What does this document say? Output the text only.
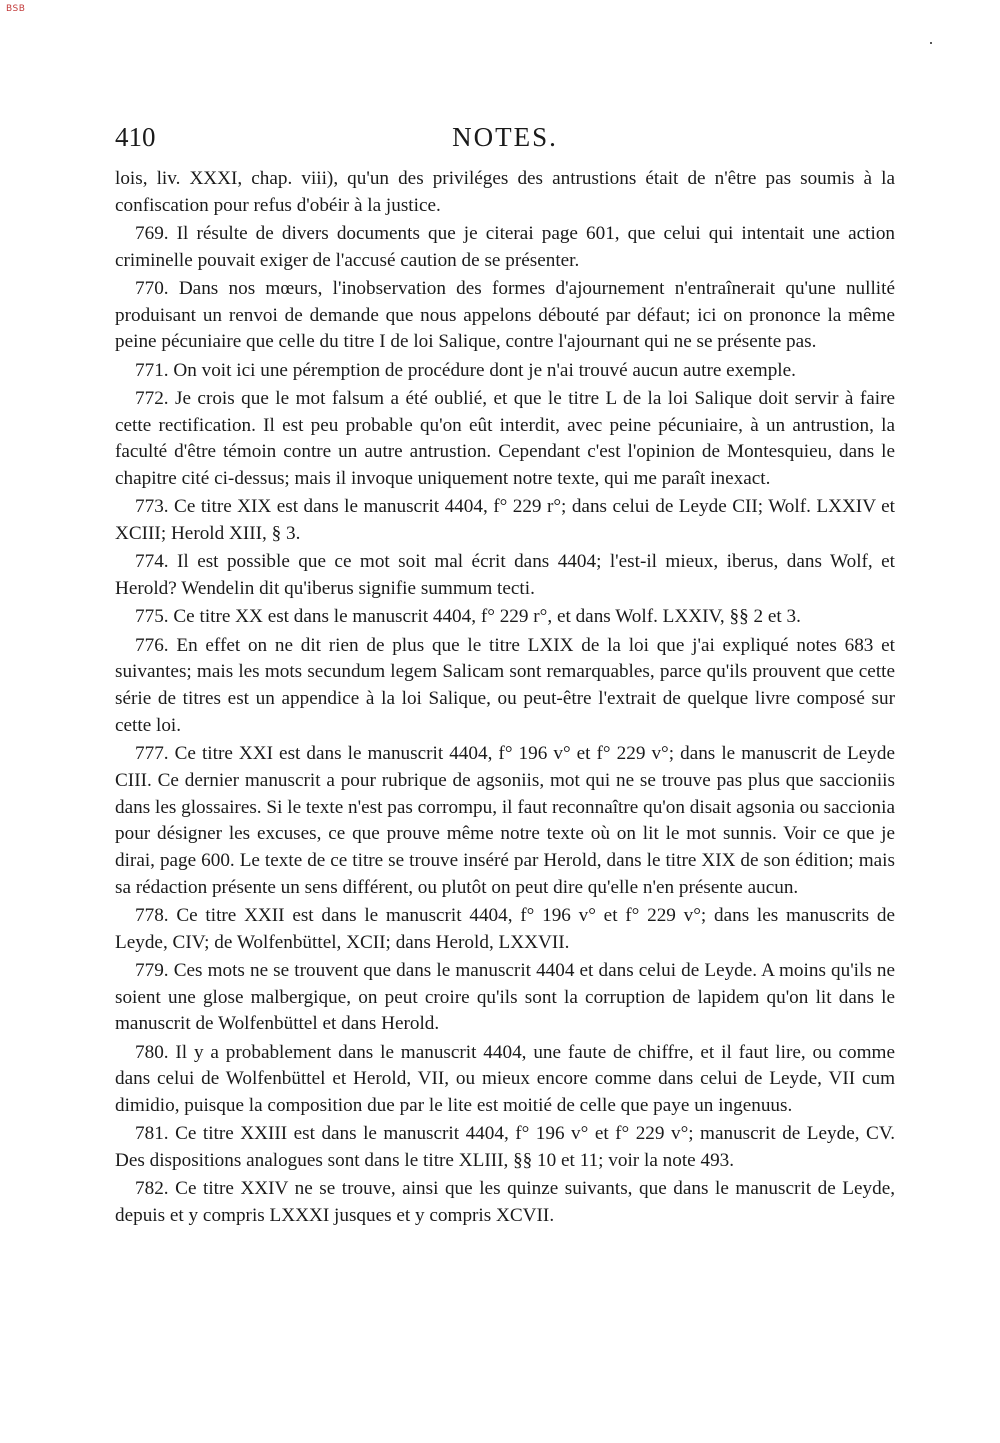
BSB
410	NOTES.

lois, liv. XXXI, chap. viii), qu'un des priviléges des antrustions était de n'être pas soumis à la confiscation pour refus d'obéir à la justice.

769. Il résulte de divers documents que je citerai page 601, que celui qui intentait une action criminelle pouvait exiger de l'accusé caution de se présenter.

770. Dans nos mœurs, l'inobservation des formes d'ajournement n'entraînerait qu'une nullité produisant un renvoi de demande que nous appelons débouté par défaut; ici on prononce la même peine pécuniaire que celle du titre I de loi Salique, contre l'ajournant qui ne se présente pas.

771. On voit ici une péremption de procédure dont je n'ai trouvé aucun autre exemple.

772. Je crois que le mot falsum a été oublié, et que le titre L de la loi Salique doit servir à faire cette rectification. Il est peu probable qu'on eût interdit, avec peine pécuniaire, à un antrustion, la faculté d'être témoin contre un autre antrustion. Cependant c'est l'opinion de Montesquieu, dans le chapitre cité ci-dessus; mais il invoque uniquement notre texte, qui me paraît inexact.

773. Ce titre XIX est dans le manuscrit 4404, f° 229 r°; dans celui de Leyde CII; Wolf. LXXIV et XCIII; Herold XIII, § 3.

774. Il est possible que ce mot soit mal écrit dans 4404; l'est-il mieux, iberus, dans Wolf, et Herold? Wendelin dit qu'iberus signifie summum tecti.

775. Ce titre XX est dans le manuscrit 4404, f° 229 r°, et dans Wolf. LXXIV, §§ 2 et 3.

776. En effet on ne dit rien de plus que le titre LXIX de la loi que j'ai expliqué notes 683 et suivantes; mais les mots secundum legem Salicam sont remarquables, parce qu'ils prouvent que cette série de titres est un appendice à la loi Salique, ou peut-être l'extrait de quelque livre composé sur cette loi.

777. Ce titre XXI est dans le manuscrit 4404, f° 196 v° et f° 229 v°; dans le manuscrit de Leyde CIII. Ce dernier manuscrit a pour rubrique de agsoniis, mot qui ne se trouve pas plus que saccioniis dans les glossaires. Si le texte n'est pas corrompu, il faut reconnaître qu'on disait agsonia ou saccionia pour désigner les excuses, ce que prouve même notre texte où on lit le mot sunnis. Voir ce que je dirai, page 600. Le texte de ce titre se trouve inséré par Herold, dans le titre XIX de son édition; mais sa rédaction présente un sens différent, ou plutôt on peut dire qu'elle n'en présente aucun.

778. Ce titre XXII est dans le manuscrit 4404, f° 196 v° et f° 229 v°; dans les manuscrits de Leyde, CIV; de Wolfenbüttel, XCII; dans Herold, LXXVII.

779. Ces mots ne se trouvent que dans le manuscrit 4404 et dans celui de Leyde. A moins qu'ils ne soient une glose malbergique, on peut croire qu'ils sont la corruption de lapidem qu'on lit dans le manuscrit de Wolfenbüttel et dans Herold.

780. Il y a probablement dans le manuscrit 4404, une faute de chiffre, et il faut lire, ou comme dans celui de Wolfenbüttel et Herold, VII, ou mieux encore comme dans celui de Leyde, VII cum dimidio, puisque la composition due par le lite est moitié de celle que paye un ingenuus.

781. Ce titre XXIII est dans le manuscrit 4404, f° 196 v° et f° 229 v°; manuscrit de Leyde, CV. Des dispositions analogues sont dans le titre XLIII, §§ 10 et 11; voir la note 493.

782. Ce titre XXIV ne se trouve, ainsi que les quinze suivants, que dans le manuscrit de Leyde, depuis et y compris LXXXI jusques et y compris XCVII.
